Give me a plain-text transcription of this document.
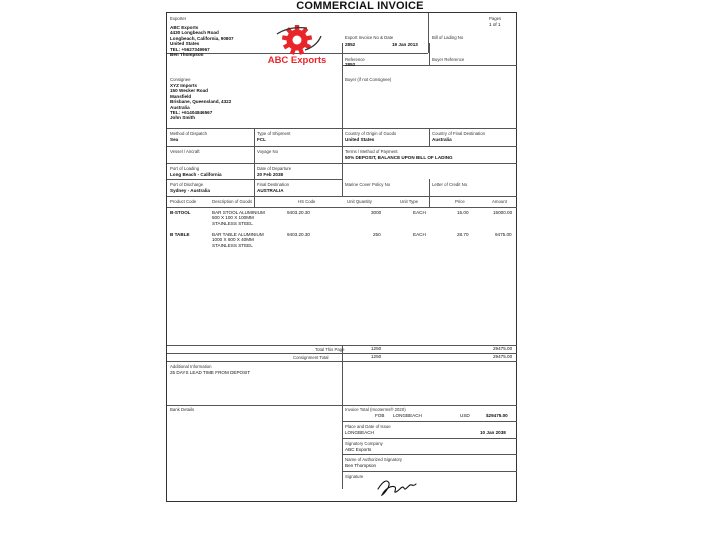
COMMERCIAL INVOICE
Exporter
ABC Exports
4430 Longbeach Road
Longbeach, California, 90807
United States
TEL: +5627349967
Ben Thompson
ABC Exports
Pages
1 of 1
Export Invoice No & Date
2852	19 Jan 2013
Bill of Lading No
Reference
2852
Buyer Reference
Consignee
XYZ Imports
150 Wecker Road
Mansfield
Brisbane, Queensland, 4322
Australia
TEL: +61404846567
John Smith
Buyer (if not Consignee)
Method of Dispatch
Sea
Type of Shipment
FCL
Country of Origin of Goods
United States
Country of Final Destination
Australia
Vessel / Aircraft	Voyage No	Terms / Method of Payment
50% DEPOSIT, BALANCE UPON BILL OF LADING
Port of Loading
Long Beach - California
Date of Departure
20 Feb 2038
Port of Discharge
Sydney - Australia
Final Destination
AUSTRALIA
Marine Cover Policy No	Letter of Credit No
Product Code	Description of Goods	HS Code	Unit Quantity	Unit Type	Price	Amount
B-STOOL	BAR STOOL ALUMINIUM
500 X 100 X 100MM
STAINLESS STEEL
9403.20.30	3000	EACH	15.00	15000.00
B TABLE	BAR TABLE ALUMINIUM
1000 X 600 X 40MM
STAINLESS STEEL
9403.20.30	250	EACH	28.70	9475.00
Total This Page	1250	29475.00
Consignment Total	1250	29475.00
Additional Information
25 DAYS LEAD TIME FROM DEPOSIT
Bank Details	Invoice Total (Incoterms® 2020)
FOB LONGBEACH	USD	$29475.00
Place and Date of Issue
LONGBEACH	10 Jan 2038
Signatory Company
ABC Exports
Name of Authorized Signatory
Ben Thompson
Signature
